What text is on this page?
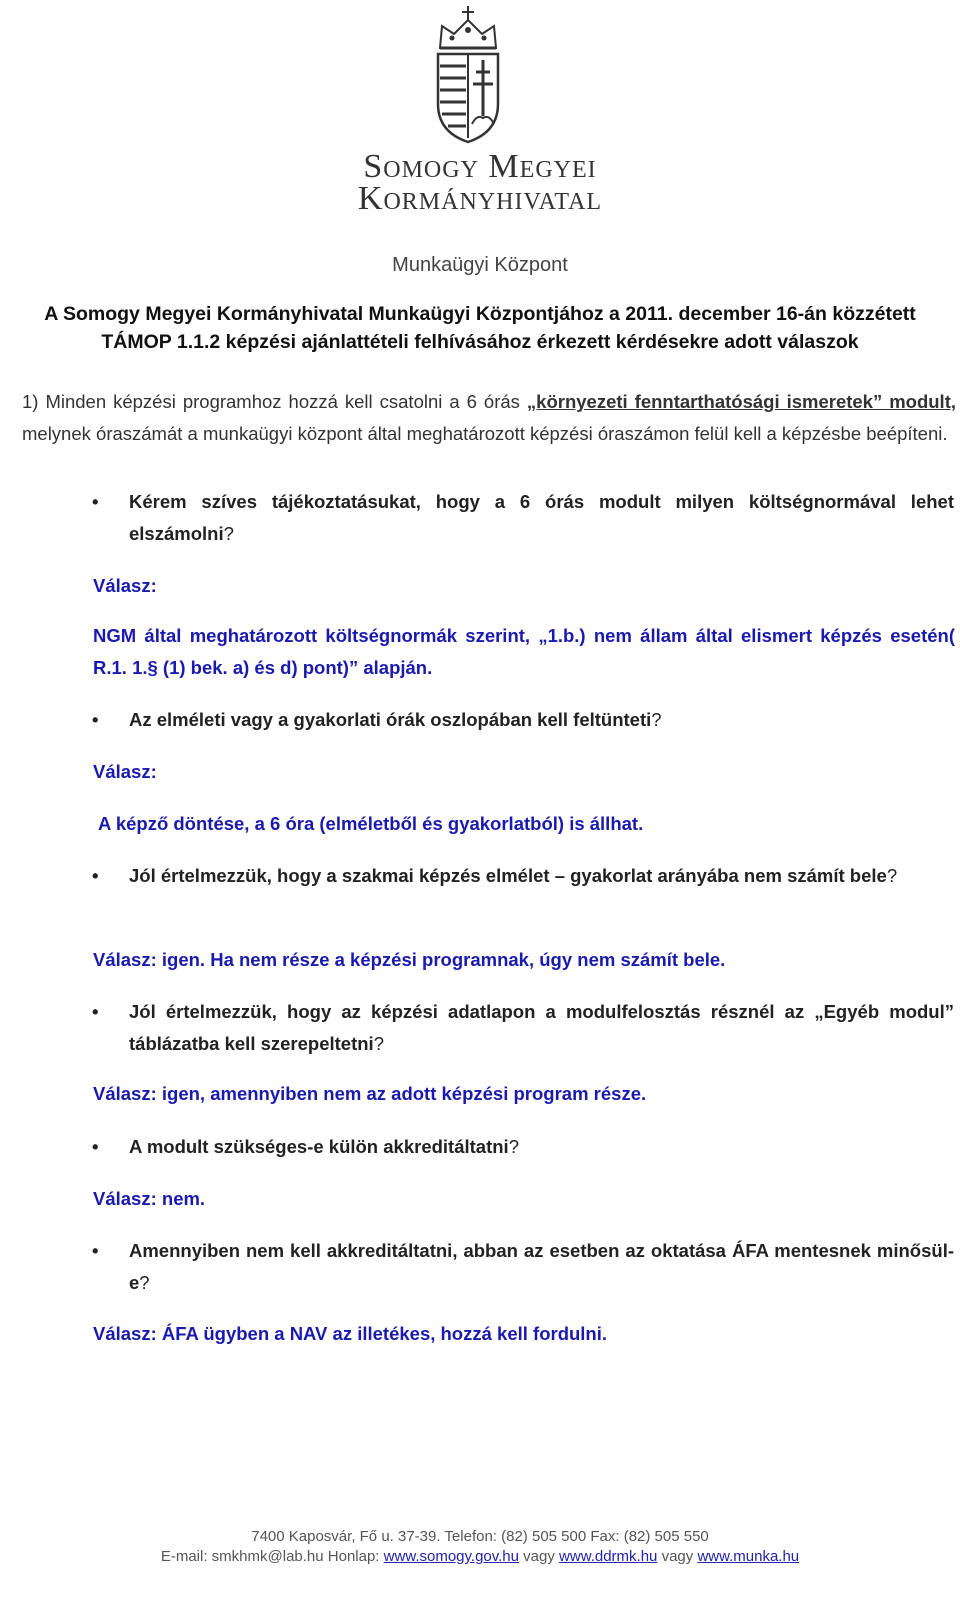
Somogy Megyei
Kormányhivatal
Munkaügyi Központ
A Somogy Megyei Kormányhivatal Munkaügyi Központjához a 2011. december 16-án közzétett
TÁMOP 1.1.2 képzési ajánlattételi felhívásához érkezett kérdésekre adott válaszok
1) Minden képzési programhoz hozzá kell csatolni a 6 órás „környezeti fenntarthatósági ismeretek” modult, melynek óraszámát a munkaügyi központ által meghatározott képzési óraszámon felül kell a képzésbe beépíteni.
• Kérem szíves tájékoztatásukat, hogy a 6 órás modult milyen költségnormával lehet elszámolni?
Válasz:
NGM által meghatározott költségnormák szerint, „1.b.) nem állam által elismert képzés esetén( R.1. 1.§ (1) bek. a) és d) pont)” alapján.
• Az elméleti vagy a gyakorlati órák oszlopában kell feltünteti?
Válasz:
A képző döntése, a 6 óra (elméletből és gyakorlatból) is állhat.
• Jól értelmezzük, hogy a szakmai képzés elmélet – gyakorlat arányába nem számít bele?
Válasz: igen. Ha nem része a képzési programnak, úgy nem számít bele.
• Jól értelmezzük, hogy az képzési adatlapon a modulfelosztás résznél az „Egyéb modul” táblázatba kell szerepeltetni?
Válasz: igen, amennyiben nem az adott képzési program része.
• A modult szükséges-e külön akkreditáltatni?
Válasz: nem.
• Amennyiben nem kell akkreditáltatni, abban az esetben az oktatása ÁFA mentesnek minősül-e?
Válasz: ÁFA ügyben a NAV az illetékes, hozzá kell fordulni.
7400 Kaposvár, Fő u. 37-39. Telefon: (82) 505 500 Fax: (82) 505 550
E-mail: smkhmk@lab.hu Honlap: www.somogy.gov.hu vagy www.ddrmk.hu vagy www.munka.hu
